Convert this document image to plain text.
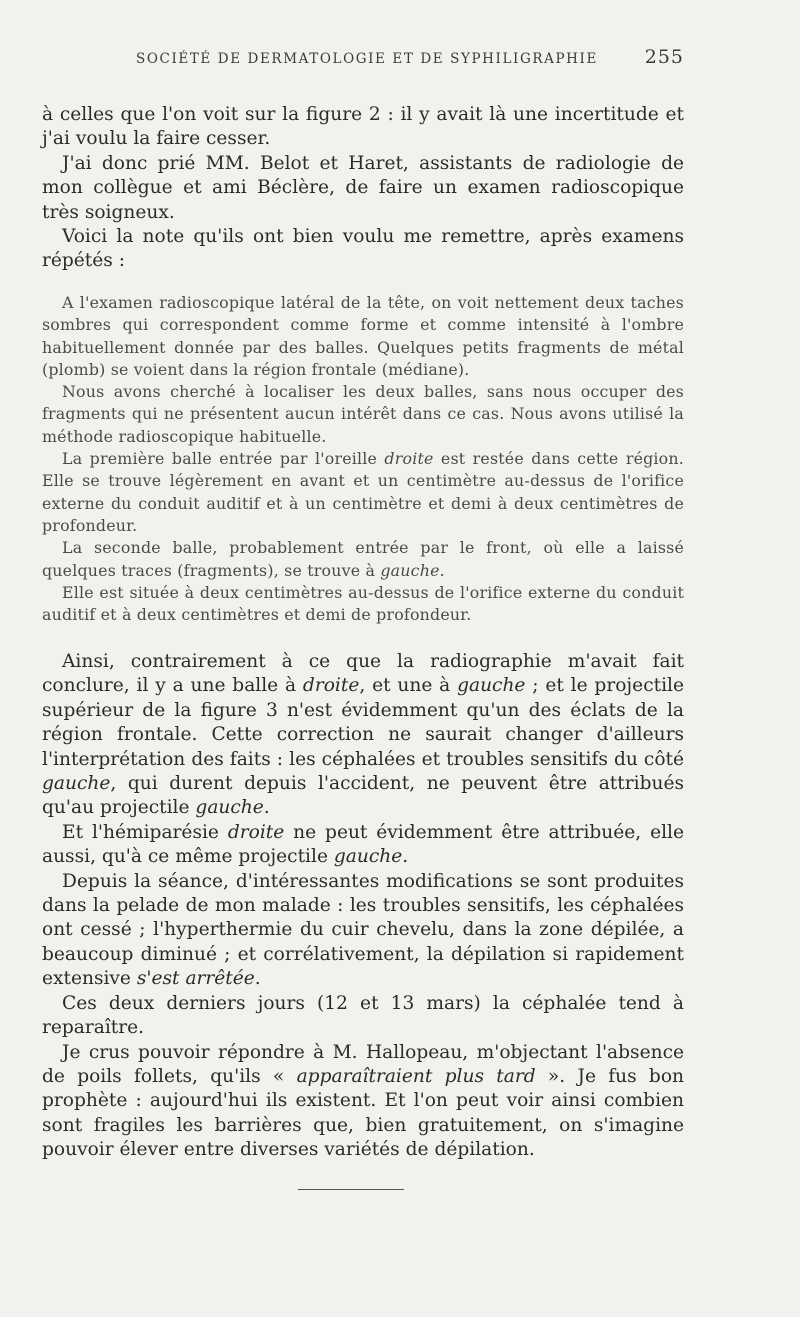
SOCIÉTÉ DE DERMATOLOGIE ET DE SYPHILIGRAPHIE 255

à celles que l'on voit sur la figure 2 : il y avait là une incertitude et j'ai voulu la faire cesser.

J'ai donc prié MM. Belot et Haret, assistants de radiologie de mon collègue et ami Béclère, de faire un examen radioscopique très soigneux.

Voici la note qu'ils ont bien voulu me remettre, après examens répétés :

A l'examen radioscopique latéral de la tête, on voit nettement deux taches sombres qui correspondent comme forme et comme intensité à l'ombre habituellement donnée par des balles. Quelques petits fragments de métal (plomb) se voient dans la région frontale (médiane).

Nous avons cherché à localiser les deux balles, sans nous occuper des fragments qui ne présentent aucun intérêt dans ce cas. Nous avons utilisé la méthode radioscopique habituelle.

La première balle entrée par l'oreille droite est restée dans cette région. Elle se trouve légèrement en avant et un centimètre au-dessus de l'orifice externe du conduit auditif et à un centimètre et demi à deux centimètres de profondeur.

La seconde balle, probablement entrée par le front, où elle a laissé quelques traces (fragments), se trouve à gauche.

Elle est située à deux centimètres au-dessus de l'orifice externe du conduit auditif et à deux centimètres et demi de profondeur.

Ainsi, contrairement à ce que la radiographie m'avait fait conclure, il y a une balle à droite, et une à gauche ; et le projectile supérieur de la figure 3 n'est évidemment qu'un des éclats de la région frontale. Cette correction ne saurait changer d'ailleurs l'interprétation des faits : les céphalées et troubles sensitifs du côté gauche, qui durent depuis l'accident, ne peuvent être attribués qu'au projectile gauche.

Et l'hémiparésie droite ne peut évidemment être attribuée, elle aussi, qu'à ce même projectile gauche.

Depuis la séance, d'intéressantes modifications se sont produites dans la pelade de mon malade : les troubles sensitifs, les céphalées ont cessé ; l'hyperthermie du cuir chevelu, dans la zone dépilée, a beaucoup diminué ; et corrélativement, la dépilation si rapidement extensive s'est arrêtée.

Ces deux derniers jours (12 et 13 mars) la céphalée tend à reparaître.

Je crus pouvoir répondre à M. Hallopeau, m'objectant l'absence de poils follets, qu'ils « apparaîtraient plus tard ». Je fus bon prophète : aujourd'hui ils existent. Et l'on peut voir ainsi combien sont fragiles les barrières que, bien gratuitement, on s'imagine pouvoir élever entre diverses variétés de dépilation.
